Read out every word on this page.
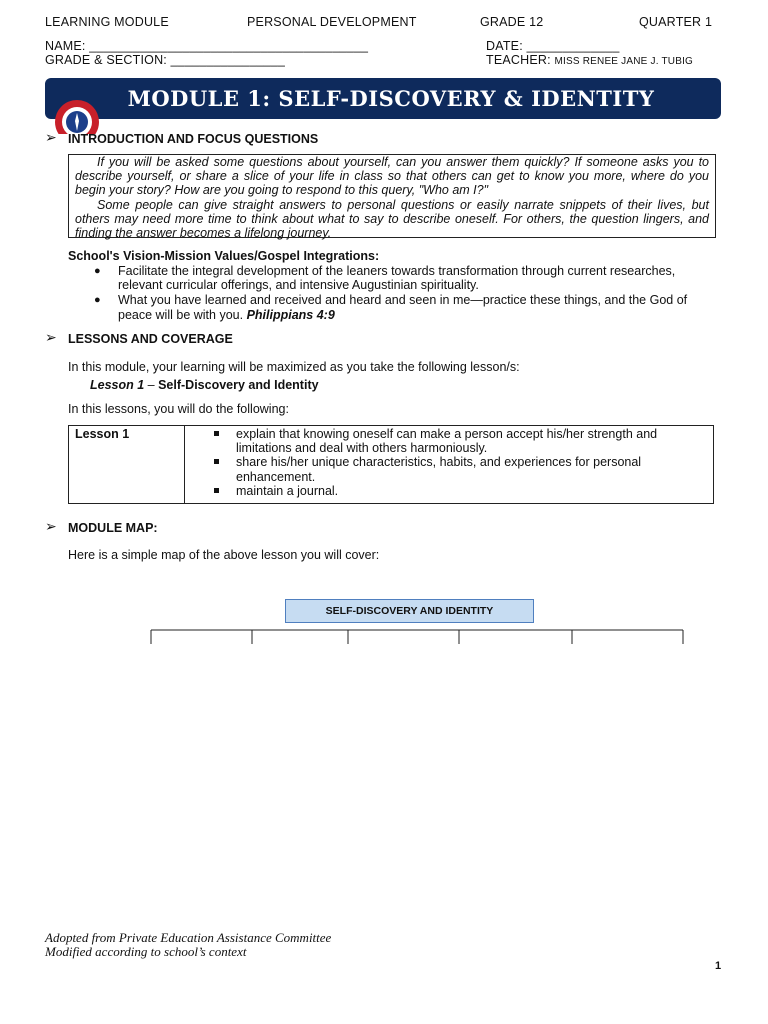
LEARNING MODULE	PERSONAL DEVELOPMENT	GRADE 12	QUARTER 1
NAME: _______________________________________	DATE: _____________
GRADE & SECTION: ________________	TEACHER: MISS RENEE JANE J. TUBIG
MODULE 1: SELF-DISCOVERY & IDENTITY
➢ INTRODUCTION AND FOCUS QUESTIONS

If you will be asked some questions about yourself, can you answer them quickly? If someone asks you to describe yourself, or share a slice of your life in class so that others can get to know you more, where do you begin your story? How are you going to respond to this query, "Who am I?"

Some people can give straight answers to personal questions or easily narrate snippets of their lives, but others may need more time to think about what to say to describe oneself. For others, the question lingers, and finding the answer becomes a lifelong journey.

School's Vision-Mission Values/Gospel Integrations:
● Facilitate the integral development of the leaners towards transformation through current researches, relevant curricular offerings, and intensive Augustinian spirituality.
● What you have learned and received and heard and seen in me—practice these things, and the God of peace will be with you. Philippians 4:9
➢ LESSONS AND COVERAGE
In this module, your learning will be maximized as you take the following lesson/s:
Lesson 1 – Self-Discovery and Identity
In this lessons, you will do the following:
Lesson 1	explain that knowing oneself can make a person accept his/her strength and limitations and deal with others harmoniously.
share his/her unique characteristics, habits, and experiences for personal enhancement.
maintain a journal.
➢ MODULE MAP:
Here is a simple map of the above lesson you will cover:
SELF-DISCOVERY AND IDENTITY
Adopted from Private Education Assistance Committee
Modified according to school’s context
1
